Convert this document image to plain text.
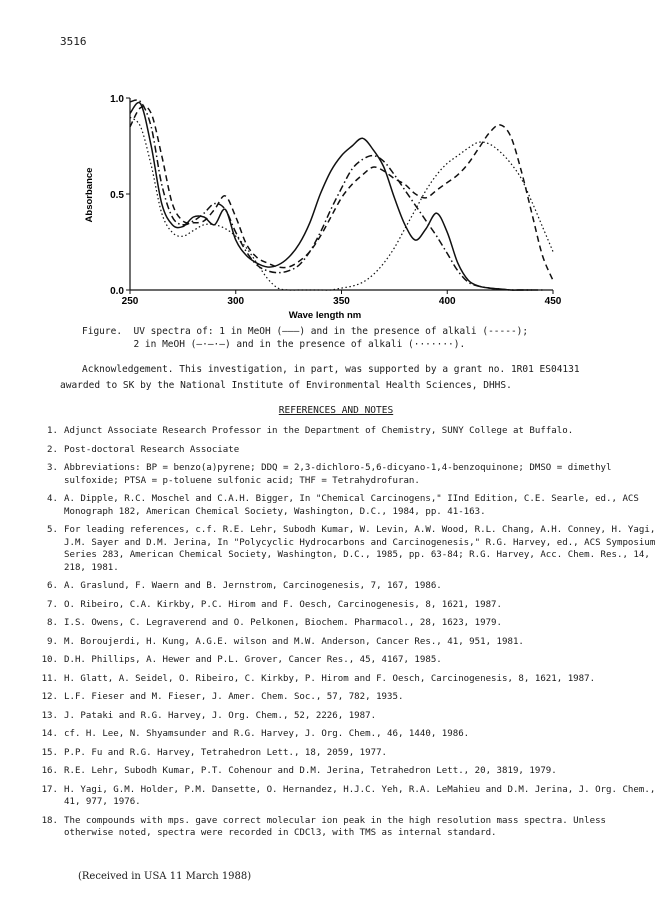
3516
250	300	350	400	450
0.0
0.5
1.0
Wave length nm
Absorbance
Figure.  UV spectra of: 1 in MeOH (———) and in the presence of alkali (-----);
2 in MeOH (—·—·—) and in the presence of alkali (·······).
Acknowledgement. This investigation, in part, was supported by a grant no. 1R01 ES04131
awarded to SK by the National Institute of Environmental Health Sciences, DHHS.
REFERENCES AND NOTES
1. Adjunct Associate Research Professor in the Department of Chemistry, SUNY College at Buffalo.
2. Post-doctoral Research Associate
3. Abbreviations: BP = benzo(a)pyrene; DDQ = 2,3-dichloro-5,6-dicyano-1,4-benzoquinone; DMSO = dimethyl sulfoxide; PTSA = p-toluene sulfonic acid; THF = Tetrahydrofuran.
4. A. Dipple, R.C. Moschel and C.A.H. Bigger, In "Chemical Carcinogens," IInd Edition, C.E. Searle, ed., ACS Monograph 182, American Chemical Society, Washington, D.C., 1984, pp. 41-163.
5. For leading references, c.f. R.E. Lehr, Subodh Kumar, W. Levin, A.W. Wood, R.L. Chang, A.H. Conney, H. Yagi, J.M. Sayer and D.M. Jerina, In "Polycyclic Hydrocarbons and Carcinogenesis," R.G. Harvey, ed., ACS Symposium Series 283, American Chemical Society, Washington, D.C., 1985, pp. 63-84; R.G. Harvey, Acc. Chem. Res., 14, 218, 1981.
6. A. Graslund, F. Waern and B. Jernstrom, Carcinogenesis, 7, 167, 1986.
7. O. Ribeiro, C.A. Kirkby, P.C. Hirom and F. Oesch, Carcinogenesis, 8, 1621, 1987.
8. I.S. Owens, C. Legraverend and O. Pelkonen, Biochem. Pharmacol., 28, 1623, 1979.
9. M. Boroujerdi, H. Kung, A.G.E. wilson and M.W. Anderson, Cancer Res., 41, 951, 1981.
10. D.H. Phillips, A. Hewer and P.L. Grover, Cancer Res., 45, 4167, 1985.
11. H. Glatt, A. Seidel, O. Ribeiro, C. Kirkby, P. Hirom and F. Oesch, Carcinogenesis, 8, 1621, 1987.
12. L.F. Fieser and M. Fieser, J. Amer. Chem. Soc., 57, 782, 1935.
13. J. Pataki and R.G. Harvey, J. Org. Chem., 52, 2226, 1987.
14. cf. H. Lee, N. Shyamsunder and R.G. Harvey, J. Org. Chem., 46, 1440, 1986.
15. P.P. Fu and R.G. Harvey, Tetrahedron Lett., 18, 2059, 1977.
16. R.E. Lehr, Subodh Kumar, P.T. Cohenour and D.M. Jerina, Tetrahedron Lett., 20, 3819, 1979.
17. H. Yagi, G.M. Holder, P.M. Dansette, O. Hernandez, H.J.C. Yeh, R.A. LeMahieu and D.M. Jerina, J. Org. Chem., 41, 977, 1976.
18. The compounds with mps. gave correct molecular ion peak in the high resolution mass spectra. Unless otherwise noted, spectra were recorded in CDCl3, with TMS as internal standard.
(Received in USA 11 March 1988)
